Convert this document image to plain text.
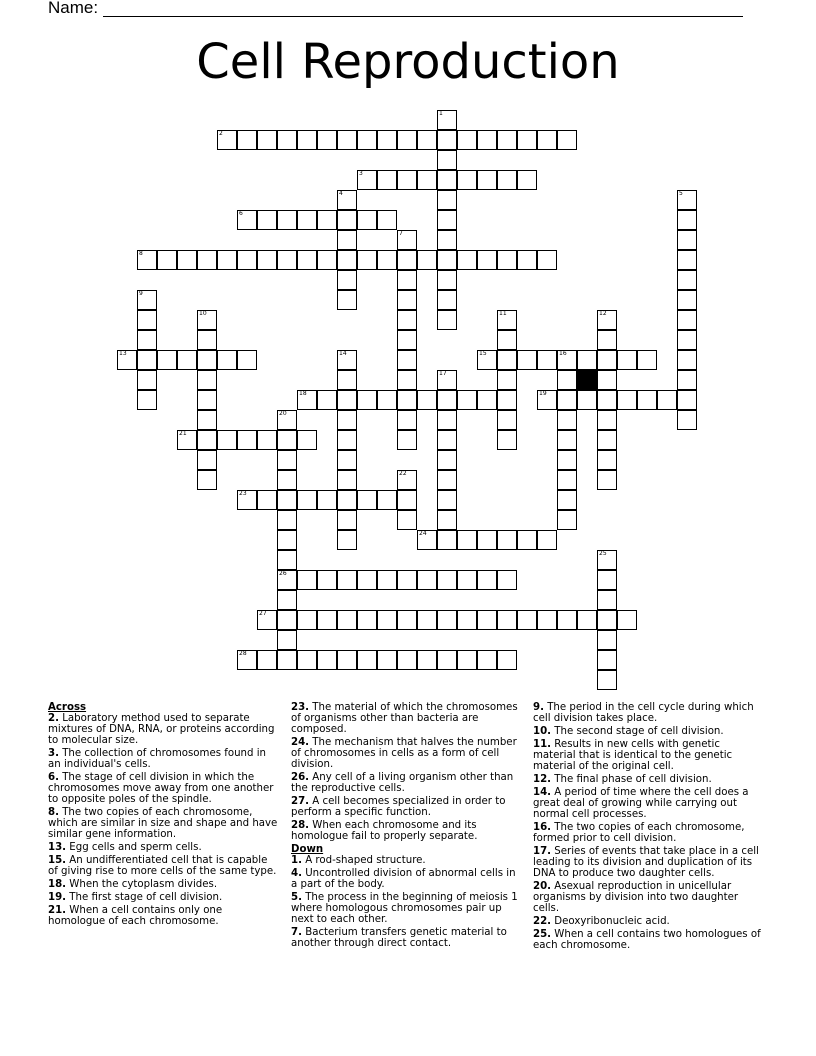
Name:
Cell Reproduction
1
2
3
4	5
6
7
8
9
10	11	12
13	14	15	16
17
18	19
20
26
21
22
23
24
25
27
28
Across
2. Laboratory method used to separate mixtures of DNA, RNA, or proteins according to molecular size.
3. The collection of chromosomes found in an individual's cells.
6. The stage of cell division in which the chromosomes move away from one another to opposite poles of the spindle.
8. The two copies of each chromosome, which are similar in size and shape and have similar gene information.
13. Egg cells and sperm cells.
15. An undifferentiated cell that is capable of giving rise to more cells of the same type.
18. When the cytoplasm divides.
19. The first stage of cell division.
21. When a cell contains only one homologue of each chromosome.
23. The material of which the chromosomes of organisms other than bacteria are composed.
24. The mechanism that halves the number of chromosomes in cells as a form of cell division.
26. Any cell of a living organism other than the reproductive cells.
27. A cell becomes specialized in order to perform a specific function.
28. When each chromosome and its homologue fail to properly separate.
Down
1. A rod-shaped structure.
4. Uncontrolled division of abnormal cells in a part of the body.
5. The process in the beginning of meiosis 1 where homologous chromosomes pair up next to each other.
7. Bacterium transfers genetic material to another through direct contact.
9. The period in the cell cycle during which cell division takes place.
10. The second stage of cell division.
11. Results in new cells with genetic material that is identical to the genetic material of the original cell.
12. The final phase of cell division.
14. A period of time where the cell does a great deal of growing while carrying out normal cell processes.
16. The two copies of each chromosome, formed prior to cell division.
17. Series of events that take place in a cell leading to its division and duplication of its DNA to produce two daughter cells.
20. Asexual reproduction in unicellular organisms by division into two daughter cells.
22. Deoxyribonucleic acid.
25. When a cell contains two homologues of each chromosome.
